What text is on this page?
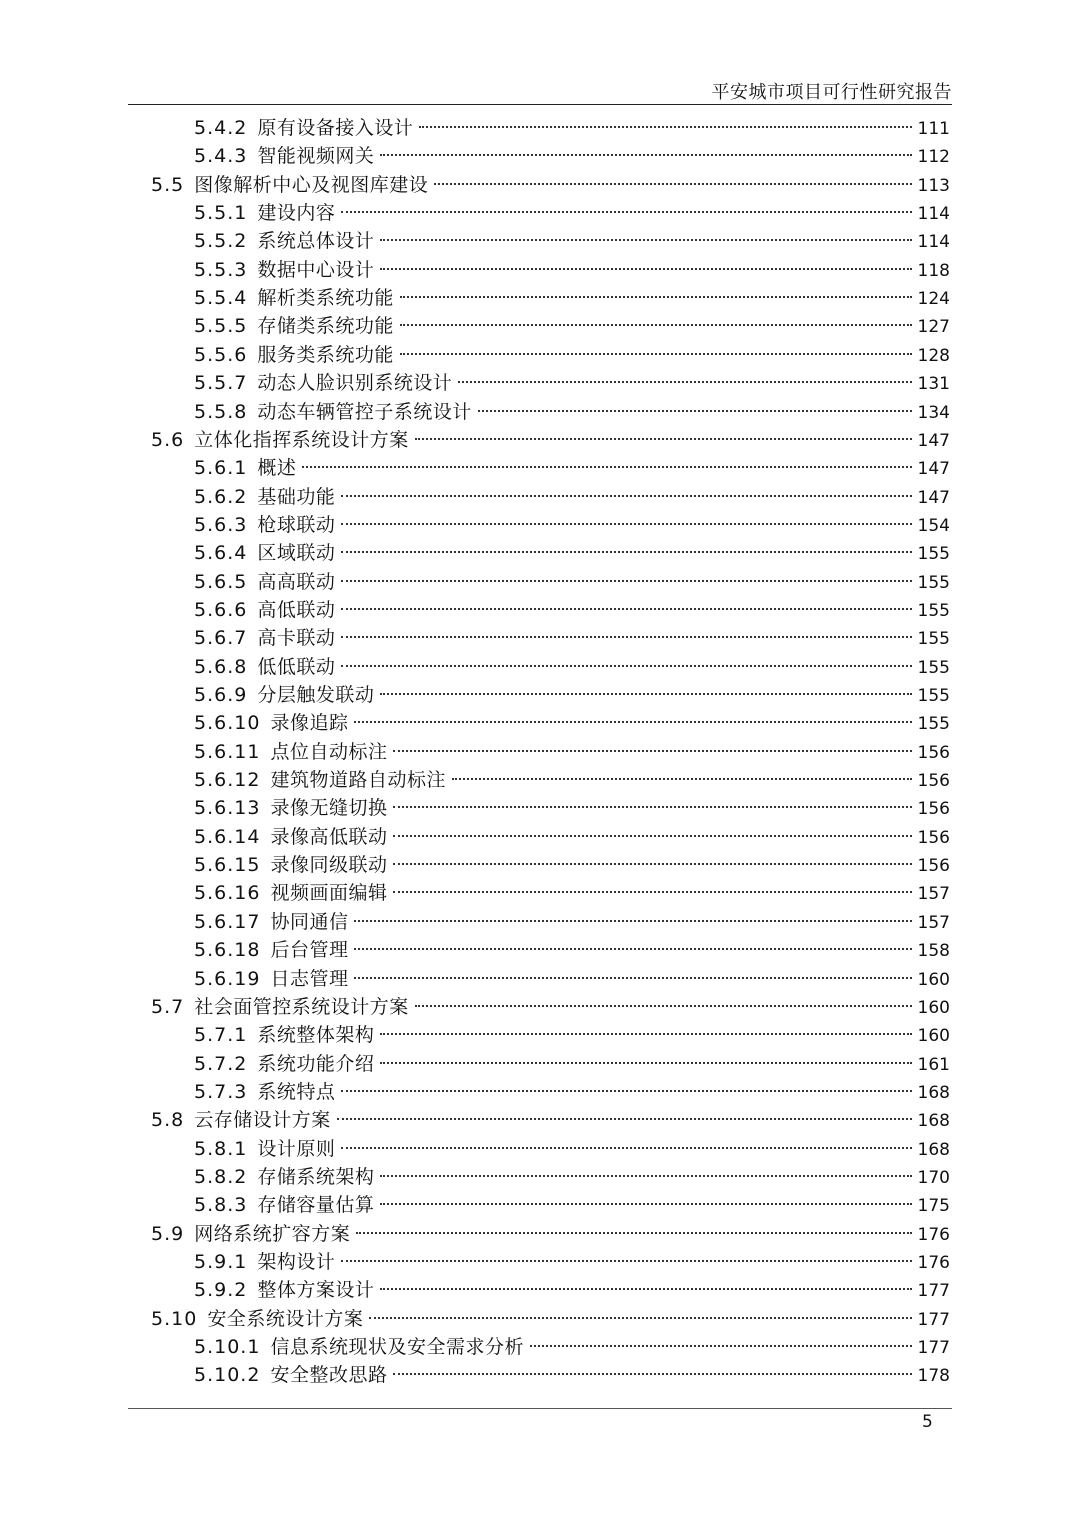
平安城市项目可行性研究报告
5.4.2 原有设备接入设计	111
5.4.3 智能视频网关	112
5.5 图像解析中心及视图库建设	113
5.5.1 建设内容	114
5.5.2 系统总体设计	114
5.5.3 数据中心设计	118
5.5.4 解析类系统功能	124
5.5.5 存储类系统功能	127
5.5.6 服务类系统功能	128
5.5.7 动态人脸识别系统设计	131
5.5.8 动态车辆管控子系统设计	134
5.6 立体化指挥系统设计方案	147
5.6.1 概述	147
5.6.2 基础功能	147
5.6.3 枪球联动	154
5.6.4 区域联动	155
5.6.5 高高联动	155
5.6.6 高低联动	155
5.6.7 高卡联动	155
5.6.8 低低联动	155
5.6.9 分层触发联动	155
5.6.10 录像追踪	155
5.6.11 点位自动标注	156
5.6.12 建筑物道路自动标注	156
5.6.13 录像无缝切换	156
5.6.14 录像高低联动	156
5.6.15 录像同级联动	156
5.6.16 视频画面编辑	157
5.6.17 协同通信	157
5.6.18 后台管理	158
5.6.19 日志管理	160
5.7 社会面管控系统设计方案	160
5.7.1 系统整体架构	160
5.7.2 系统功能介绍	161
5.7.3 系统特点	168
5.8 云存储设计方案	168
5.8.1 设计原则	168
5.8.2 存储系统架构	170
5.8.3 存储容量估算	175
5.9 网络系统扩容方案	176
5.9.1 架构设计	176
5.9.2 整体方案设计	177
5.10 安全系统设计方案	177
5.10.1 信息系统现状及安全需求分析	177
5.10.2 安全整改思路	178
5
